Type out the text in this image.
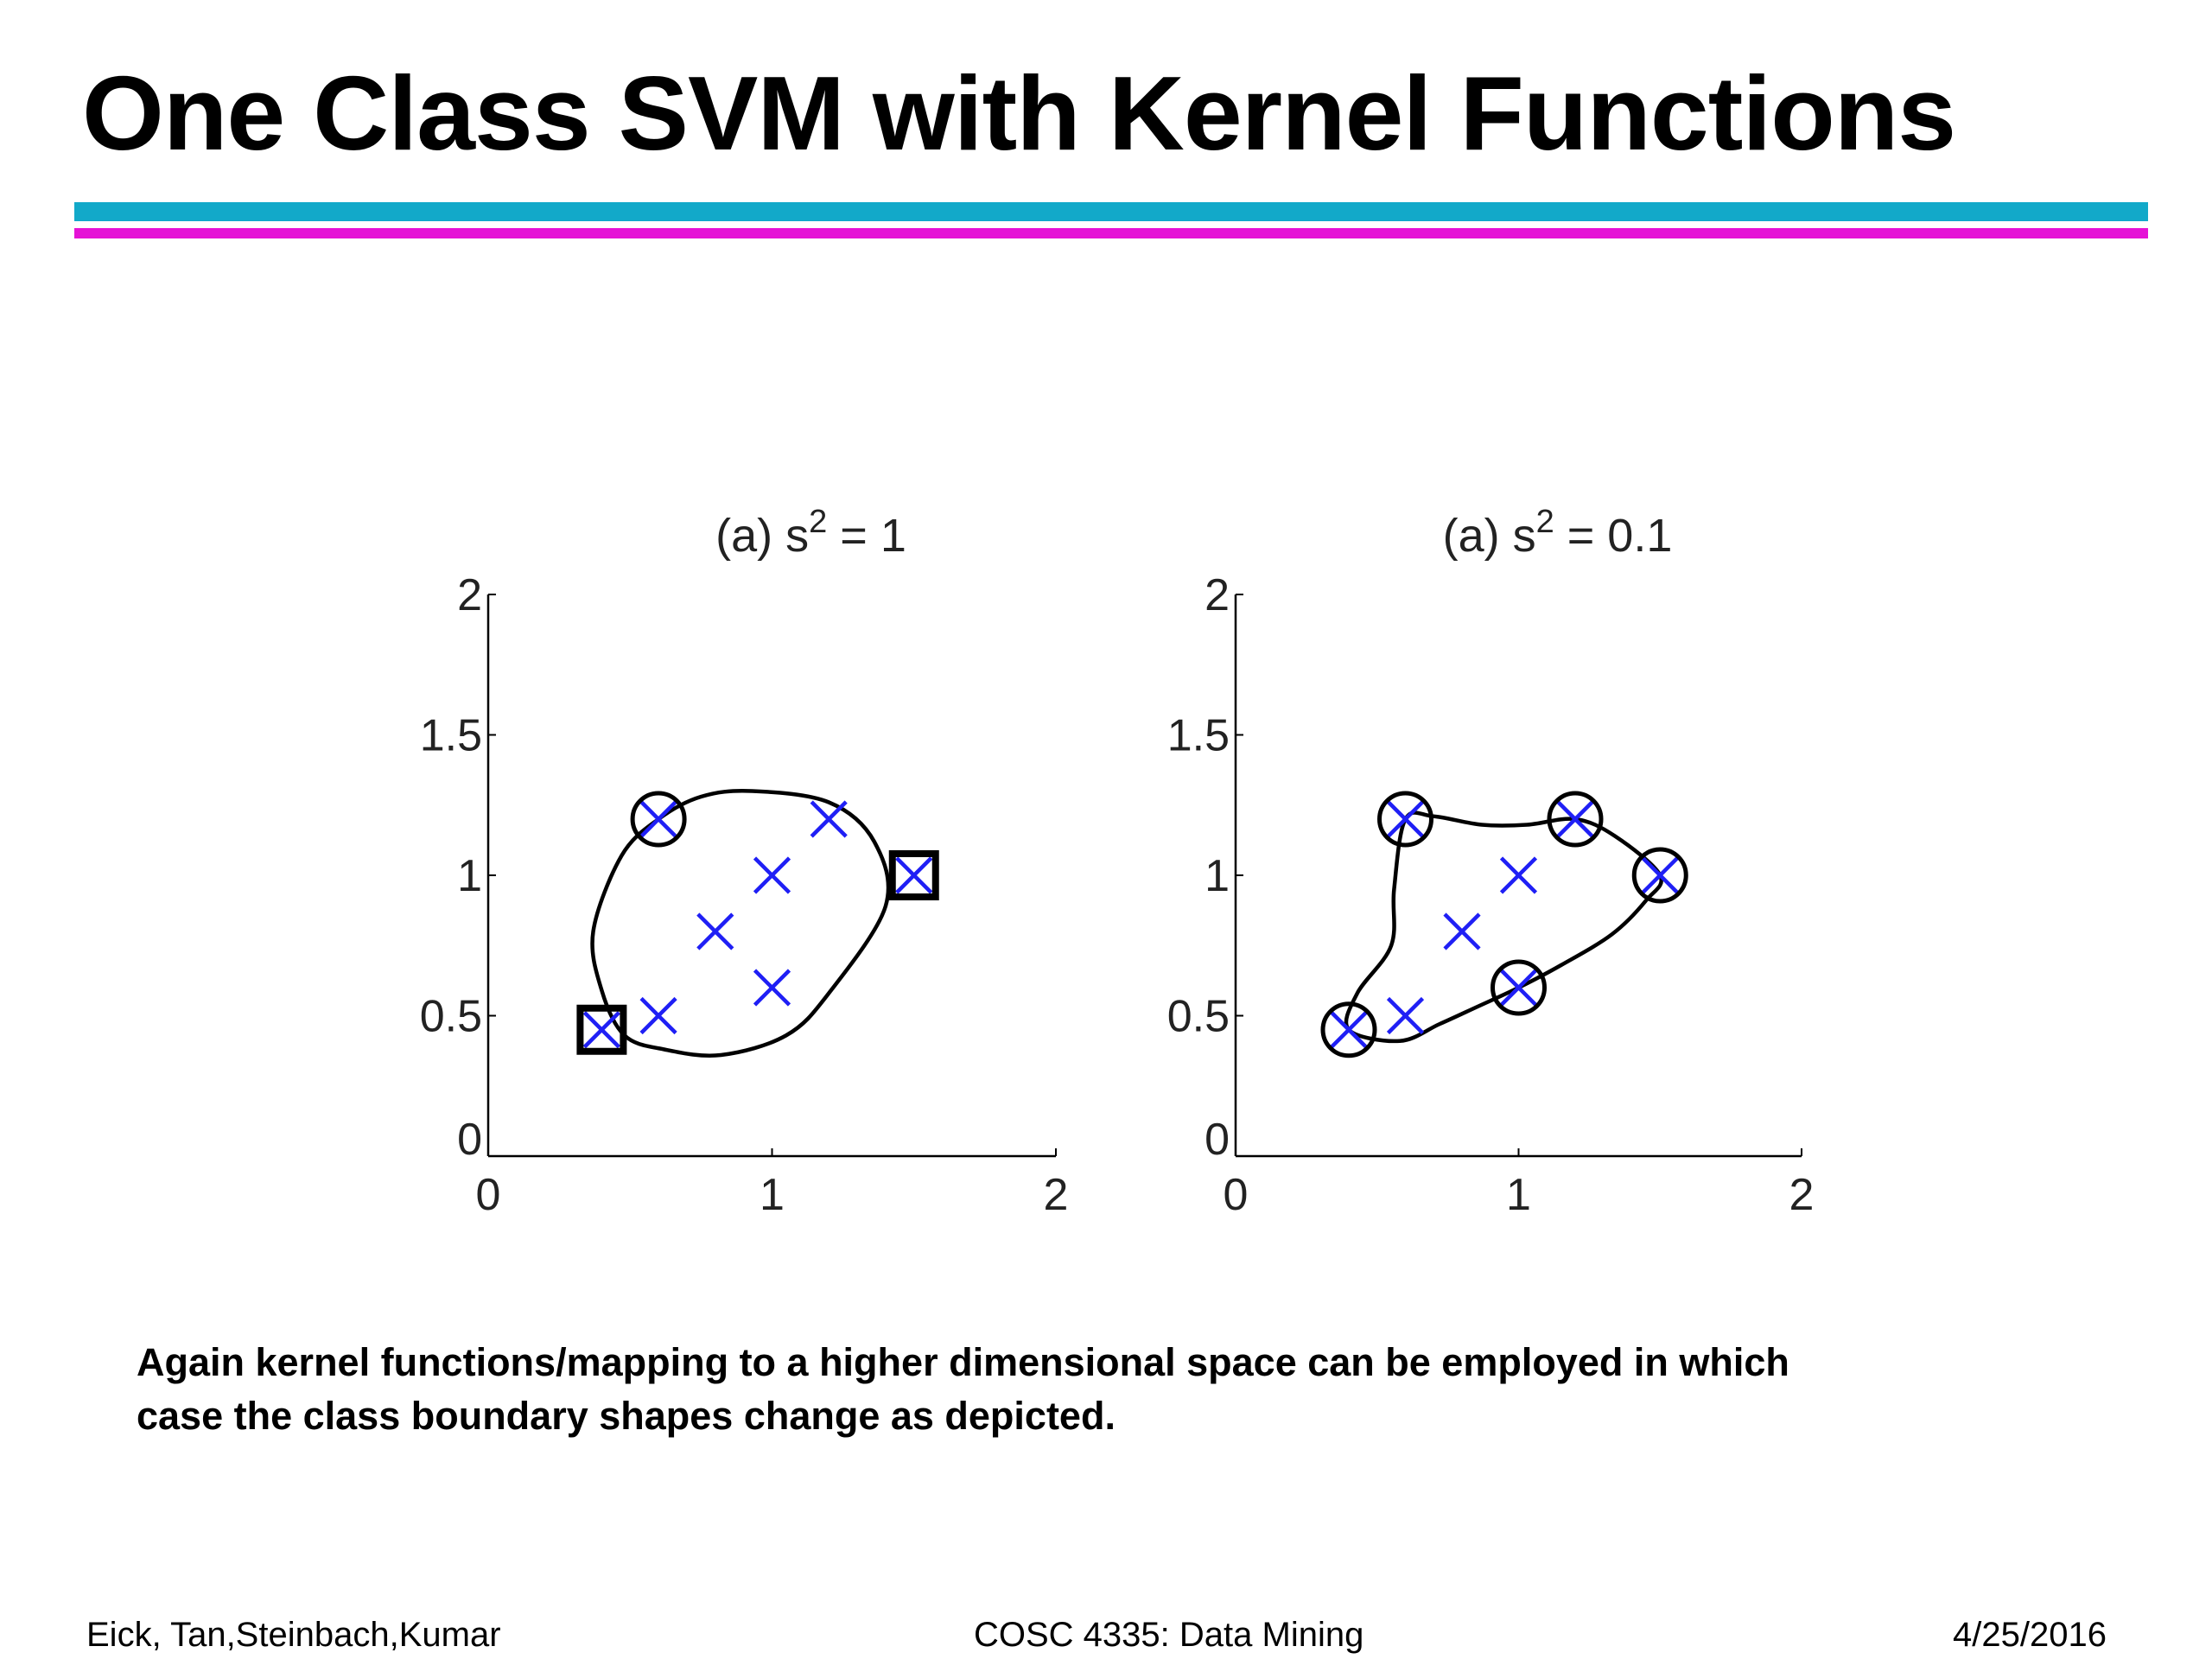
One Class SVM with Kernel Functions
0
0.5
1
1.5
2
0	1	2
(a) $s^2 = 1$
0
0.5
1
1.5
2
0	1	2
(a) $s^2 = 0.1$
Again kernel functions/mapping to a higher dimensional space can be employed in which
case the class boundary shapes change as depicted.
Eick, Tan,Steinbach,Kumar	COSC 4335: Data Mining	4/25/2016
